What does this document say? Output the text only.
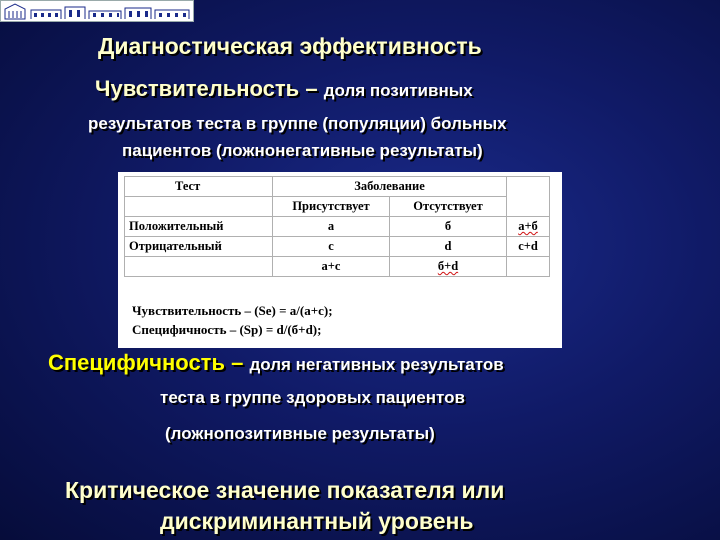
Диагностическая эффективность
Чувствительность – доля позитивных
результатов теста в группе (популяции) больных
пациентов (ложнонегативные результаты)
Тест	Заболевание		
	Присутствует	Отсутствует	
Положительный	а	б	а+б
Отрицательный	с	d	c+d
	а+с	б+d	
Чувствительность – (Se) = a/(a+c);
Специфичность – (Sp) = d/(б+d);
Специфичность – доля негативных результатов
теста в группе здоровых пациентов
(ложнопозитивные результаты)
Критическое значение показателя или
дискриминантный уровень
